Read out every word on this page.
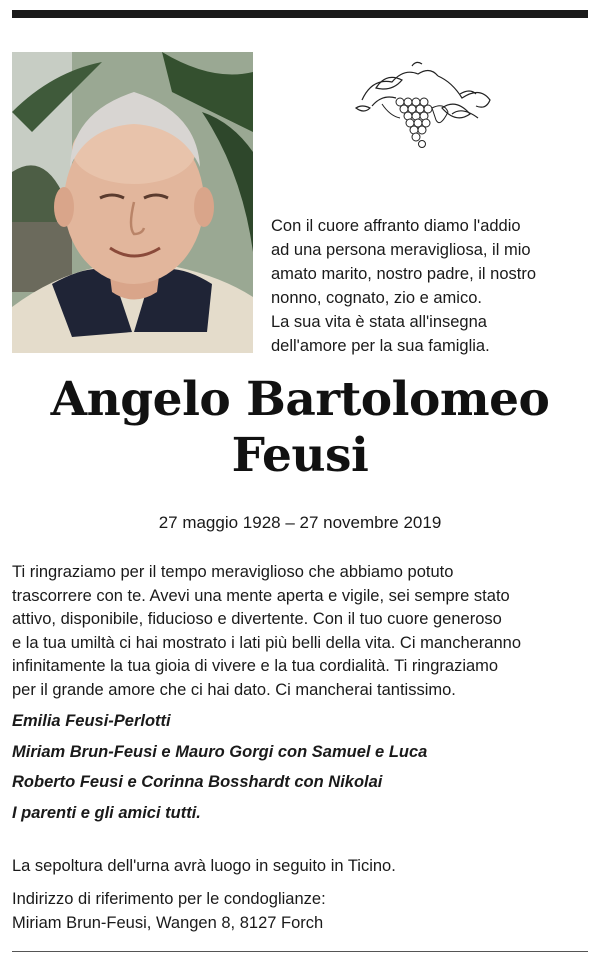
Con il cuore affranto diamo l'addio

ad una persona meravigliosa, il mio

amato marito, nostro padre, il nostro

nonno, cognato, zio e amico.

La sua vita è stata all'insegna

dell'amore per la sua famiglia.

Angelo Bartolomeo
Feusi
27 maggio 1928 – 27 novembre 2019

Ti ringraziamo per il tempo meraviglioso che abbiamo potuto

trascorrere con te. Avevi una mente aperta e vigile, sei sempre stato

attivo, disponibile, fiducioso e divertente. Con il tuo cuore generoso

e la tua umiltà ci hai mostrato i lati più belli della vita. Ci mancheranno

infinitamente la tua gioia di vivere e la tua cordialità. Ti ringraziamo

per il grande amore che ci hai dato. Ci mancherai tantissimo.

Emilia Feusi-Perlotti
Miriam Brun-Feusi e Mauro Gorgi con Samuel e Luca
Roberto Feusi e Corinna Bosshardt con Nikolai
I parenti e gli amici tutti.
La sepoltura dell'urna avrà luogo in seguito in Ticino.
Indirizzo di riferimento per le condoglianze:
Miriam Brun-Feusi, Wangen 8, 8127 Forch
